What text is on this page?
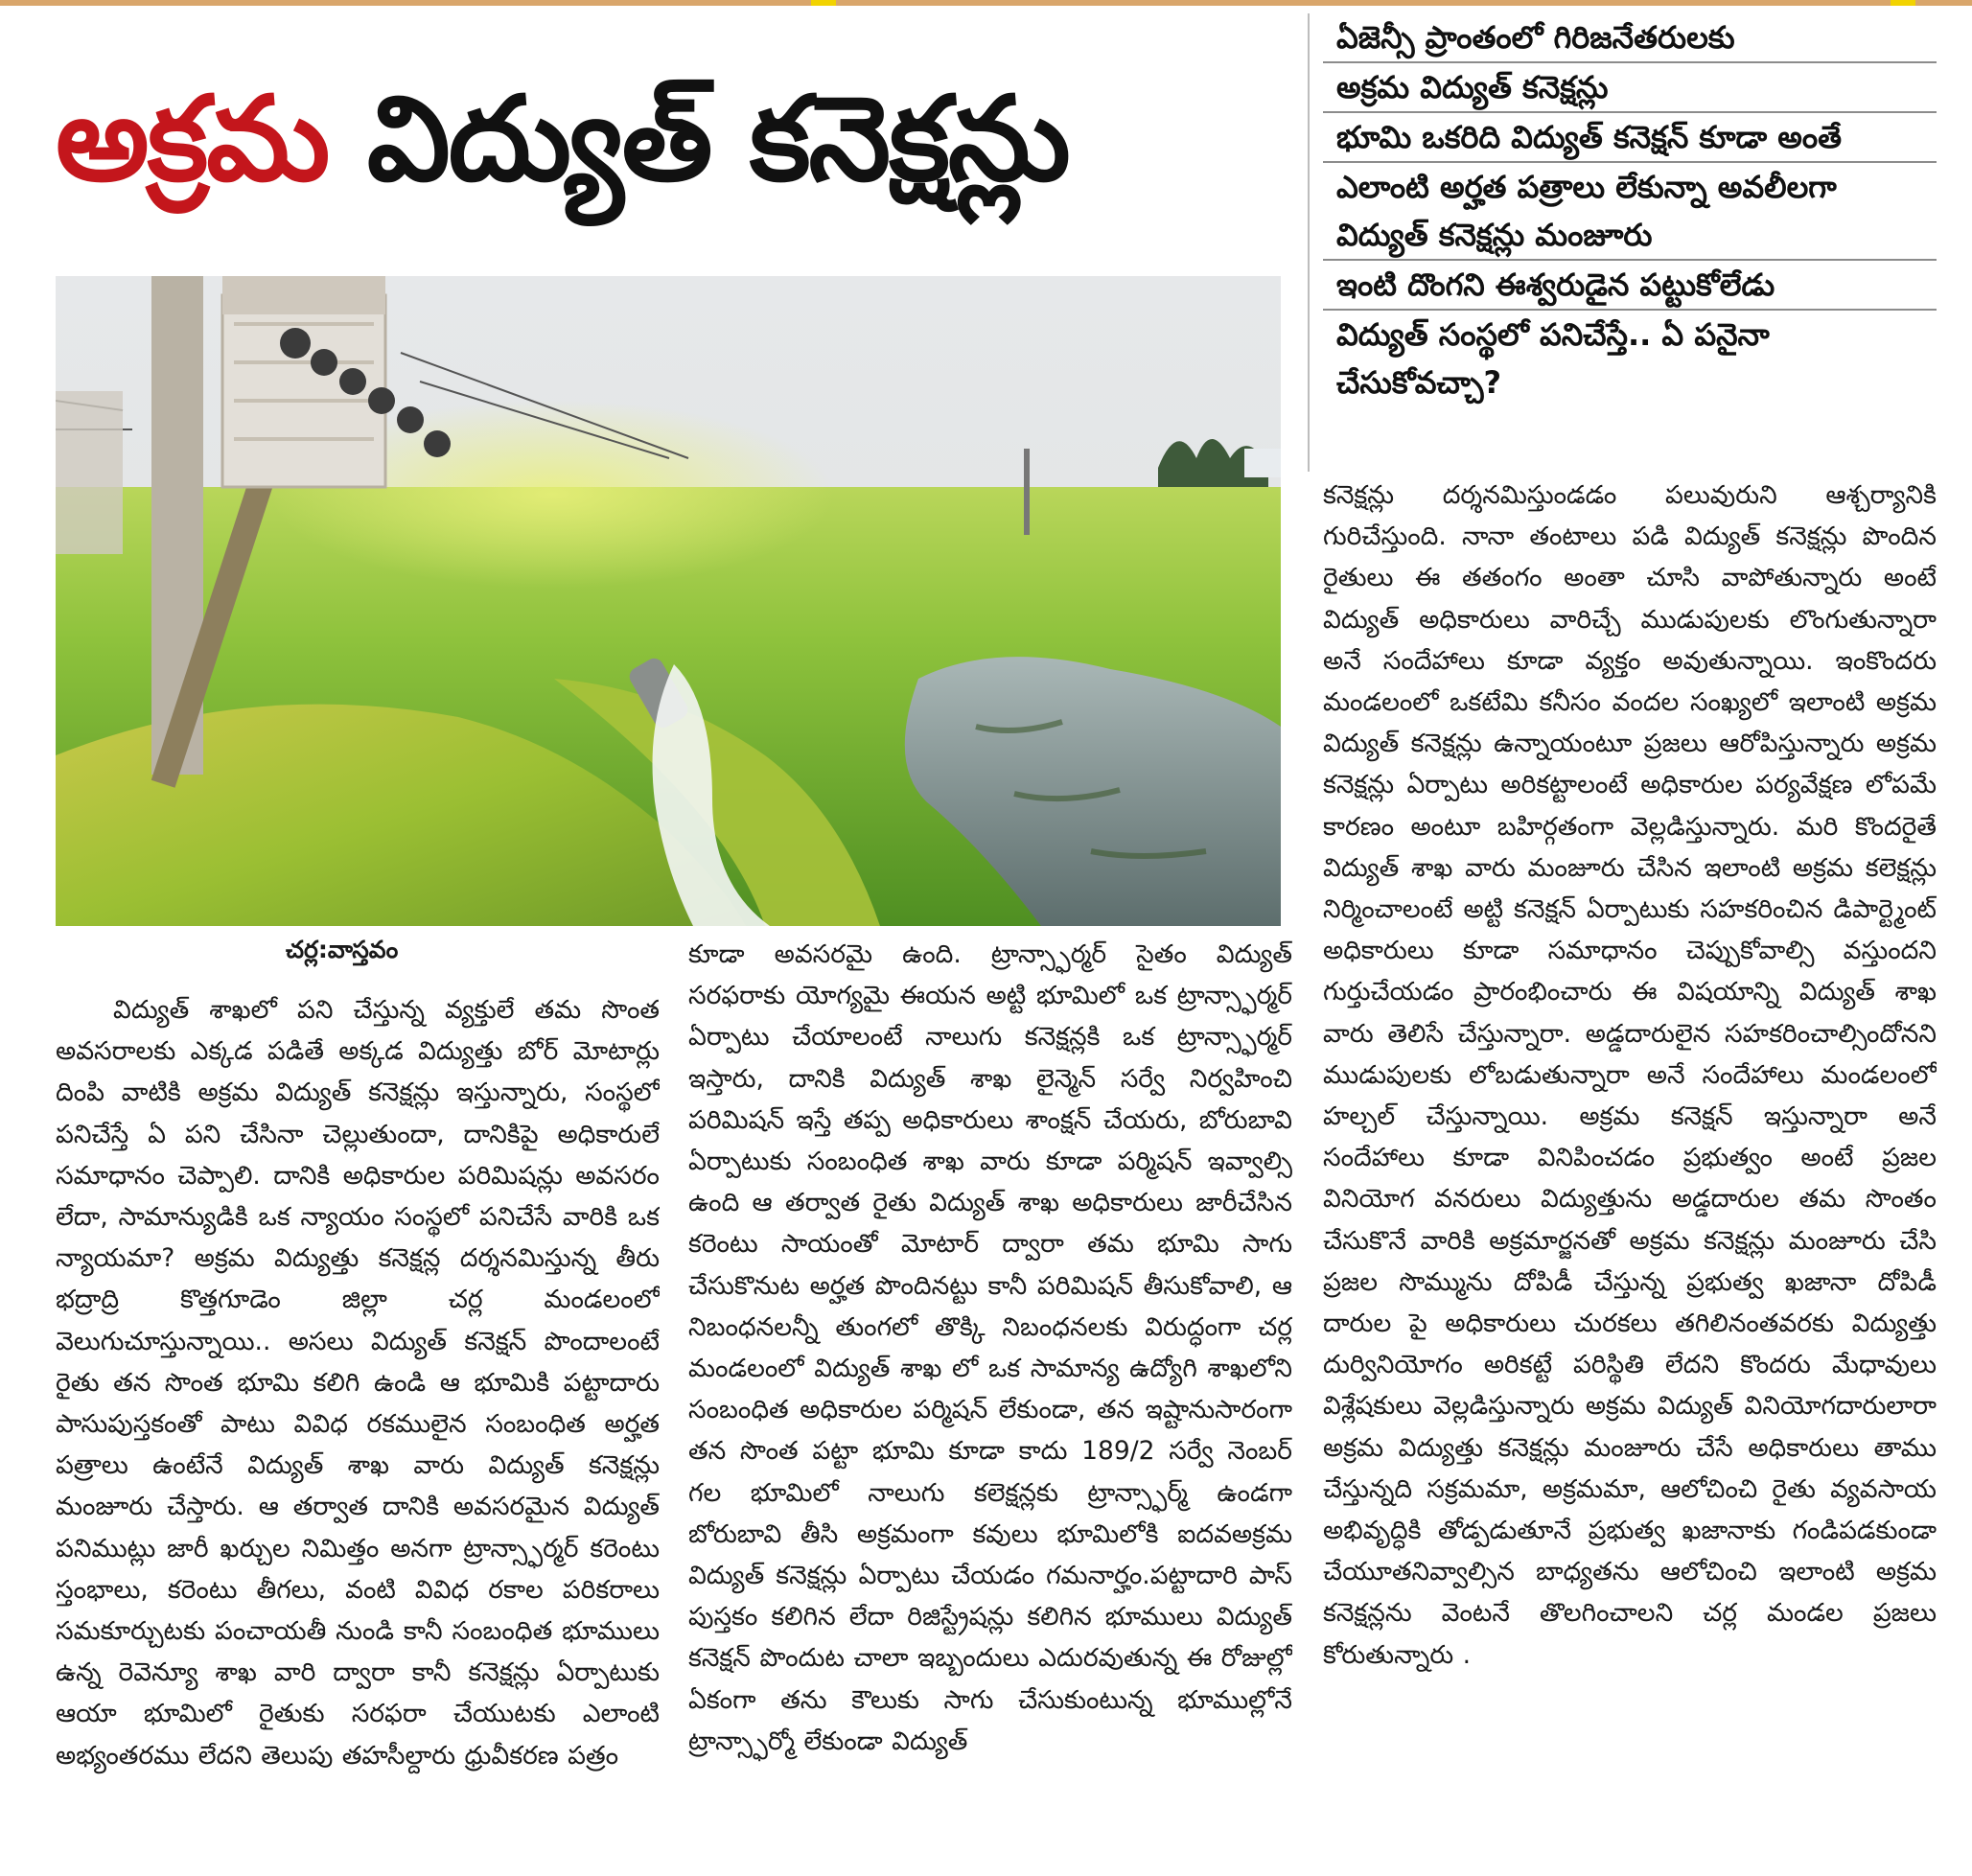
అక్రమ విద్యుత్ కనెక్షన్లు
ఏజెన్సీ ప్రాంతంలో గిరిజనేతరులకు
అక్రమ విద్యుత్ కనెక్షన్లు
భూమి ఒకరిది విద్యుత్ కనెక్షన్ కూడా అంతే
ఎలాంటి అర్హత పత్రాలు లేకున్నా అవలీలగా
విద్యుత్ కనెక్షన్లు మంజూరు
ఇంటి దొంగని ఈశ్వరుడైన పట్టుకోలేడు
విద్యుత్ సంస్థలో పనిచేస్తే.. ఏ పనైనా
చేసుకోవచ్చా?
చర్ల:వాస్తవం

విద్యుత్ శాఖలో పని చేస్తున్న వ్యక్తులే తమ సొంత అవసరాలకు ఎక్కడ పడితే అక్కడ విద్యుత్తు బోర్ మోటార్లు దింపి వాటికి అక్రమ విద్యుత్ కనెక్షన్లు ఇస్తున్నారు, సంస్థలో పనిచేస్తే ఏ పని చేసినా చెల్లుతుందా, దానికిపై అధికారులే సమాధానం చెప్పాలి. దానికి అధికారుల పరిమిషన్లు అవసరం లేదా, సామాన్యుడికి ఒక న్యాయం సంస్థలో పనిచేసే వారికి ఒక న్యాయమా? అక్రమ విద్యుత్తు కనెక్షన్ల దర్శనమిస్తున్న తీరు భద్రాద్రి కొత్తగూడెం జిల్లా చర్ల మండలంలో వెలుగుచూస్తున్నాయి.. అసలు విద్యుత్ కనెక్షన్ పొందాలంటే రైతు తన సొంత భూమి కలిగి ఉండి ఆ భూమికి పట్టాదారు పాసుపుస్తకంతో పాటు వివిధ రకములైన సంబంధిత అర్హత పత్రాలు ఉంటేనే విద్యుత్ శాఖ వారు విద్యుత్ కనెక్షన్లు మంజూరు చేస్తారు. ఆ తర్వాత దానికి అవసరమైన విద్యుత్ పనిముట్లు జారీ ఖర్చుల నిమిత్తం అనగా ట్రాన్స్ఫార్మర్ కరెంటు స్తంభాలు, కరెంటు తీగలు, వంటి వివిధ రకాల పరికరాలు సమకూర్చుటకు పంచాయతీ నుండి కానీ సంబంధిత భూములు ఉన్న రెవెన్యూ శాఖ వారి ద్వారా కానీ కనెక్షన్లు ఏర్పాటుకు ఆయా భూమిలో రైతుకు సరఫరా చేయుటకు ఎలాంటి అభ్యంతరము లేదని తెలుపు తహసీల్దారు ధ్రువీకరణ పత్రం

కూడా అవసరమై ఉంది. ట్రాన్స్ఫార్మర్ సైతం విద్యుత్ సరఫరాకు యోగ్యమై ఈయన అట్టి భూమిలో ఒక ట్రాన్స్ఫార్మర్ ఏర్పాటు చేయాలంటే నాలుగు కనెక్షన్లకి ఒక ట్రాన్స్ఫార్మర్ ఇస్తారు, దానికి విద్యుత్ శాఖ లైన్మెన్ సర్వే నిర్వహించి పరిమిషన్ ఇస్తే తప్ప అధికారులు శాంక్షన్ చేయరు, బోరుబావి ఏర్పాటుకు సంబంధిత శాఖ వారు కూడా పర్మిషన్ ఇవ్వాల్సి ఉంది ఆ తర్వాత రైతు విద్యుత్ శాఖ అధికారులు జారీచేసిన కరెంటు సాయంతో మోటార్ ద్వారా తమ భూమి సాగు చేసుకొనుట అర్హత పొందినట్టు కానీ పరిమిషన్ తీసుకోవాలి, ఆ నిబంధనలన్నీ తుంగలో తొక్కి నిబంధనలకు విరుద్ధంగా చర్ల మండలంలో విద్యుత్ శాఖ లో ఒక సామాన్య ఉద్యోగి శాఖలోని సంబంధిత అధికారుల పర్మిషన్ లేకుండా, తన ఇష్టానుసారంగా తన సొంత పట్టా భూమి కూడా కాదు 189/2 సర్వే నెంబర్ గల భూమిలో నాలుగు కలెక్షన్లకు ట్రాన్స్ఫార్మ్ ఉండగా బోరుబావి తీసి అక్రమంగా కవులు భూమిలోకి ఐదవఅక్రమ విద్యుత్ కనెక్షన్లు ఏర్పాటు చేయడం గమనార్హం.పట్టాదారి పాస్ పుస్తకం కలిగిన లేదా రిజిస్ట్రేషన్లు కలిగిన భూములు విద్యుత్ కనెక్షన్ పొందుట చాలా ఇబ్బందులు ఎదురవుతున్న ఈ రోజుల్లో ఏకంగా తను కౌలుకు సాగు చేసుకుంటున్న భూముల్లోనే ట్రాన్స్ఫార్మో లేకుండా విద్యుత్

కనెక్షన్లు దర్శనమిస్తుండడం పలువురుని ఆశ్చర్యానికి గురిచేస్తుంది. నానా తంటాలు పడి విద్యుత్ కనెక్షన్లు పొందిన రైతులు ఈ తతంగం అంతా చూసి వాపోతున్నారు అంటే విద్యుత్ అధికారులు వారిచ్చే ముడుపులకు లొంగుతున్నారా అనే సందేహాలు కూడా వ్యక్తం అవుతున్నాయి. ఇంకొందరు మండలంలో ఒకటేమి కనీసం వందల సంఖ్యలో ఇలాంటి అక్రమ విద్యుత్ కనెక్షన్లు ఉన్నాయంటూ ప్రజలు ఆరోపిస్తున్నారు అక్రమ కనెక్షన్లు ఏర్పాటు అరికట్టాలంటే అధికారుల పర్యవేక్షణ లోపమే కారణం అంటూ బహిర్గతంగా వెల్లడిస్తున్నారు. మరి కొందరైతే విద్యుత్ శాఖ వారు మంజూరు చేసిన ఇలాంటి అక్రమ కలెక్షన్లు నిర్మించాలంటే అట్టి కనెక్షన్ ఏర్పాటుకు సహకరించిన డిపార్ట్మెంట్ అధికారులు కూడా సమాధానం చెప్పుకోవాల్సి వస్తుందని గుర్తుచేయడం ప్రారంభించారు ఈ విషయాన్ని విద్యుత్ శాఖ వారు తెలిసే చేస్తున్నారా. అడ్డదారులైన సహకరించాల్సిందోనని ముడుపులకు లోబడుతున్నారా అనే సందేహాలు మండలంలో హల్చల్ చేస్తున్నాయి. అక్రమ కనెక్షన్ ఇస్తున్నారా అనే సందేహాలు కూడా వినిపించడం ప్రభుత్వం అంటే ప్రజల వినియోగ వనరులు విద్యుత్తును అడ్డదారుల తమ సొంతం చేసుకొనే వారికి అక్రమార్జనతో అక్రమ కనెక్షన్లు మంజూరు చేసి ప్రజల సొమ్మును దోపిడీ చేస్తున్న ప్రభుత్వ ఖజానా దోపిడీ దారుల పై అధికారులు చురకలు తగిలినంతవరకు విద్యుత్తు దుర్వినియోగం అరికట్టే పరిస్థితి లేదని కొందరు మేధావులు విశ్లేషకులు వెల్లడిస్తున్నారు అక్రమ విద్యుత్ వినియోగదారులారా అక్రమ విద్యుత్తు కనెక్షన్లు మంజూరు చేసే అధికారులు తాము చేస్తున్నది సక్రమమా, అక్రమమా, ఆలోచించి రైతు వ్యవసాయ అభివృద్ధికి తోడ్పడుతూనే ప్రభుత్వ ఖజానాకు గండిపడకుండా చేయూతనివ్వాల్సిన బాధ్యతను ఆలోచించి ఇలాంటి అక్రమ కనెక్షన్లను వెంటనే తొలగించాలని చర్ల మండల ప్రజలు కోరుతున్నారు .
